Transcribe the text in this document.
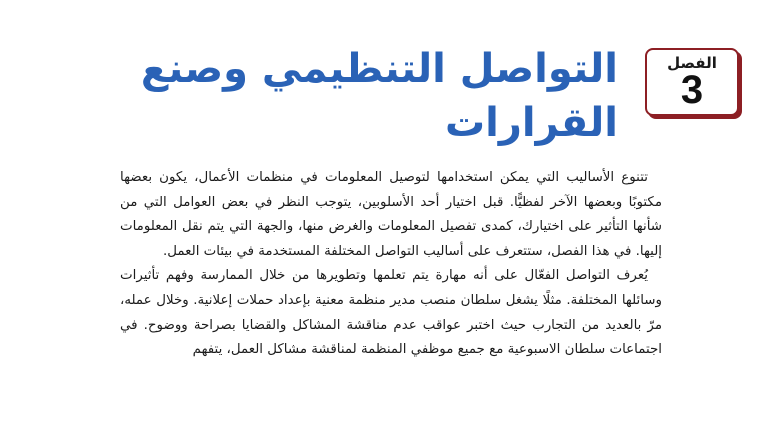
الفصل
3
التواصل التنظيمي وصنع القرارات

تتنوع الأساليب التي يمكن استخدامها لتوصيل المعلومات في منظمات الأعمال، يكون بعضها مكتوبًا وبعضها الآخر لفظيًّا. قبل اختيار أحد الأسلوبين، يتوجب النظر في بعض العوامل التي من شأنها التأثير على اختيارك، كمدى تفصيل المعلومات والغرض منها، والجهة التي يتم نقل المعلومات إليها. في هذا الفصل، ستتعرف على أساليب التواصل المختلفة المستخدمة في بيئات العمل.

يُعرف التواصل الفعّال على أنه مهارة يتم تعلمها وتطويرها من خلال الممارسة وفهم تأثيرات وسائلها المختلفة. مثلًا يشغل سلطان منصب مدير منظمة معنية بإعداد حملات إعلانية. وخلال عمله، مرّ بالعديد من التجارب حيث اختبر عواقب عدم مناقشة المشاكل والقضايا بصراحة ووضوح. في اجتماعات سلطان الاسبوعية مع جميع موظفي المنظمة لمناقشة مشاكل العمل، يتفهم
